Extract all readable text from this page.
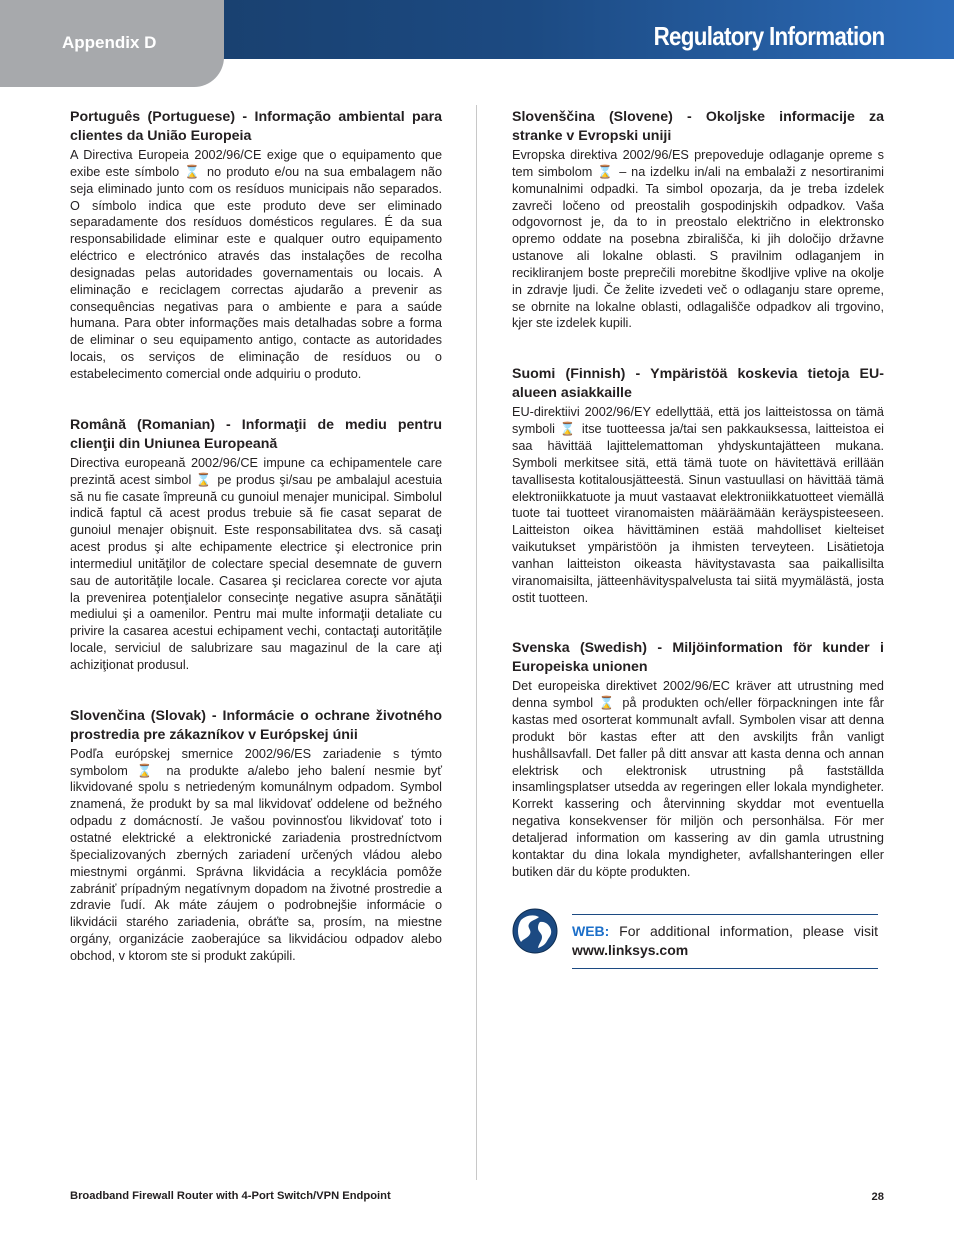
Appendix D	Regulatory Information

Português (Portuguese) - Informação ambiental para clientes da União Europeia

A Directiva Europeia 2002/96/CE exige que o equipamento que exibe este símbolo ⌛ no produto e/ou na sua embalagem não seja eliminado junto com os resíduos municipais não separados. O símbolo indica que este produto deve ser eliminado separadamente dos resíduos domésticos regulares. É da sua responsabilidade eliminar este e qualquer outro equipamento eléctrico e electrónico através das instalações de recolha designadas pelas autoridades governamentais ou locais. A eliminação e reciclagem correctas ajudarão a prevenir as consequências negativas para o ambiente e para a saúde humana. Para obter informações mais detalhadas sobre a forma de eliminar o seu equipamento antigo, contacte as autoridades locais, os serviços de eliminação de resíduos ou o estabelecimento comercial onde adquiriu o produto.

Română (Romanian) - Informaţii de mediu pentru clienţii din Uniunea Europeană

Directiva europeană 2002/96/CE impune ca echipamentele care prezintă acest simbol ⌛ pe produs şi/sau pe ambalajul acestuia să nu fie casate împreună cu gunoiul menajer municipal. Simbolul indică faptul că acest produs trebuie să fie casat separat de gunoiul menajer obişnuit. Este responsabilitatea dvs. să casaţi acest produs şi alte echipamente electrice şi electronice prin intermediul unităţilor de colectare special desemnate de guvern sau de autorităţile locale. Casarea şi reciclarea corecte vor ajuta la prevenirea potenţialelor consecinţe negative asupra sănătăţii mediului şi a oamenilor. Pentru mai multe informaţii detaliate cu privire la casarea acestui echipament vechi, contactaţi autorităţile locale, serviciul de salubrizare sau magazinul de la care aţi achiziţionat produsul.

Slovenčina (Slovak) - Informácie o ochrane životného prostredia pre zákazníkov v Európskej únii

Podľa európskej smernice 2002/96/ES zariadenie s týmto symbolom ⌛ na produkte a/alebo jeho balení nesmie byť likvidované spolu s netriedeným komunálnym odpadom. Symbol znamená, že produkt by sa mal likvidovať oddelene od bežného odpadu z domácností. Je vašou povinnosťou likvidovať toto i ostatné elektrické a elektronické zariadenia prostredníctvom špecializovaných zberných zariadení určených vládou alebo miestnymi orgánmi. Správna likvidácia a recyklácia pomôže zabrániť prípadným negatívnym dopadom na životné prostredie a zdravie ľudí. Ak máte záujem o podrobnejšie informácie o likvidácii starého zariadenia, obráťte sa, prosím, na miestne orgány, organizácie zaoberajúce sa likvidáciou odpadov alebo obchod, v ktorom ste si produkt zakúpili.

Slovenščina (Slovene) - Okoljske informacije za stranke v Evropski uniji

Evropska direktiva 2002/96/ES prepoveduje odlaganje opreme s tem simbolom ⌛ – na izdelku in/ali na embalaži z nesortiranimi komunalnimi odpadki. Ta simbol opozarja, da je treba izdelek zavreči ločeno od preostalih gospodinjskih odpadkov. Vaša odgovornost je, da to in preostalo električno in elektronsko opremo oddate na posebna zbirališča, ki jih določijo državne ustanove ali lokalne oblasti. S pravilnim odlaganjem in recikliranjem boste preprečili morebitne škodljive vplive na okolje in zdravje ljudi. Če želite izvedeti več o odlaganju stare opreme, se obrnite na lokalne oblasti, odlagališče odpadkov ali trgovino, kjer ste izdelek kupili.

Suomi (Finnish) - Ympäristöä koskevia tietoja EU-alueen asiakkaille

EU-direktiivi 2002/96/EY edellyttää, että jos laitteistossa on tämä symboli ⌛ itse tuotteessa ja/tai sen pakkauksessa, laitteistoa ei saa hävittää lajittelemattoman yhdyskuntajätteen mukana. Symboli merkitsee sitä, että tämä tuote on hävitettävä erillään tavallisesta kotitalousjätteestä. Sinun vastuullasi on hävittää tämä elektroniikkatuote ja muut vastaavat elektroniikkatuotteet viemällä tuote tai tuotteet viranomaisten määräämään keräyspisteeseen. Laitteiston oikea hävittäminen estää mahdolliset kielteiset vaikutukset ympäristöön ja ihmisten terveyteen. Lisätietoja vanhan laitteiston oikeasta hävitystavasta saa paikallisilta viranomaisilta, jätteenhävityspalvelusta tai siitä myymälästä, josta ostit tuotteen.

Svenska (Swedish) - Miljöinformation för kunder i Europeiska unionen

Det europeiska direktivet 2002/96/EC kräver att utrustning med denna symbol ⌛ på produkten och/eller förpackningen inte får kastas med osorterat kommunalt avfall. Symbolen visar att denna produkt bör kastas efter att den avskiljts från vanligt hushållsavfall. Det faller på ditt ansvar att kasta denna och annan elektrisk och elektronisk utrustning på fastställda insamlingsplatser utsedda av regeringen eller lokala myndigheter. Korrekt kassering och återvinning skyddar mot eventuella negativa konsekvenser för miljön och personhälsa. För mer detaljerad information om kassering av din gamla utrustning kontaktar du dina lokala myndigheter, avfallshanteringen eller butiken där du köpte produkten.

WEB: For additional information, please visit www.linksys.com
Broadband Firewall Router with 4-Port Switch/VPN Endpoint	28
